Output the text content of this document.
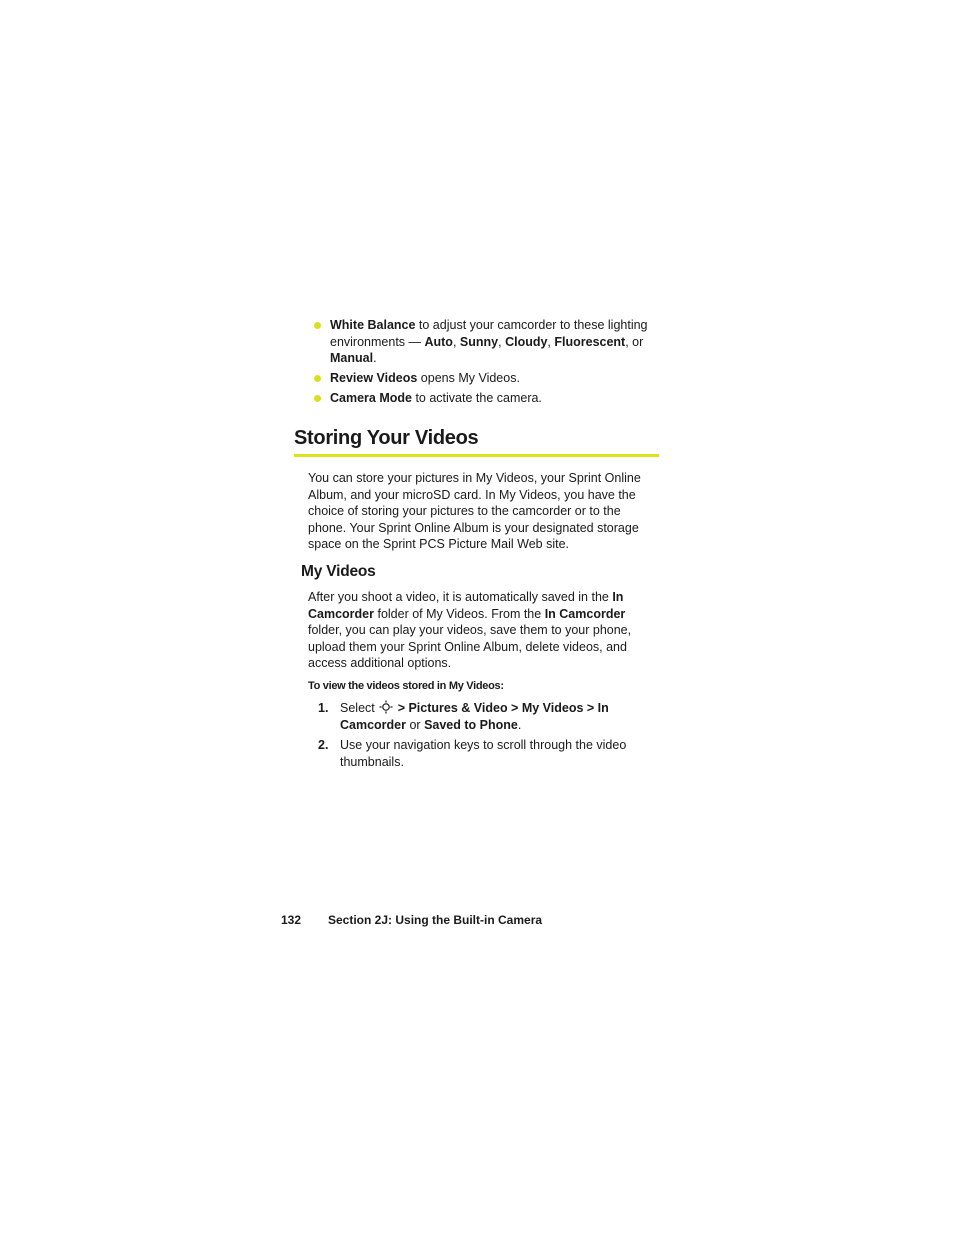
White Balance to adjust your camcorder to these lighting environments — Auto, Sunny, Cloudy, Fluorescent, or Manual.
Review Videos opens My Videos.
Camera Mode to activate the camera.
Storing Your Videos

You can store your pictures in My Videos, your Sprint Online Album, and your microSD card. In My Videos, you have the choice of storing your pictures to the camcorder or to the phone. Your Sprint Online Album is your designated storage space on the Sprint PCS Picture Mail Web site.

My Videos

After you shoot a video, it is automatically saved in the In Camcorder folder of My Videos. From the In Camcorder folder, you can play your videos, save them to your phone, upload them your Sprint Online Album, delete videos, and access additional options.

To view the videos stored in My Videos:

1. Select  > Pictures & Video > My Videos > In Camcorder or Saved to Phone.
2. Use your navigation keys to scroll through the video thumbnails.
132 Section 2J: Using the Built-in Camera
